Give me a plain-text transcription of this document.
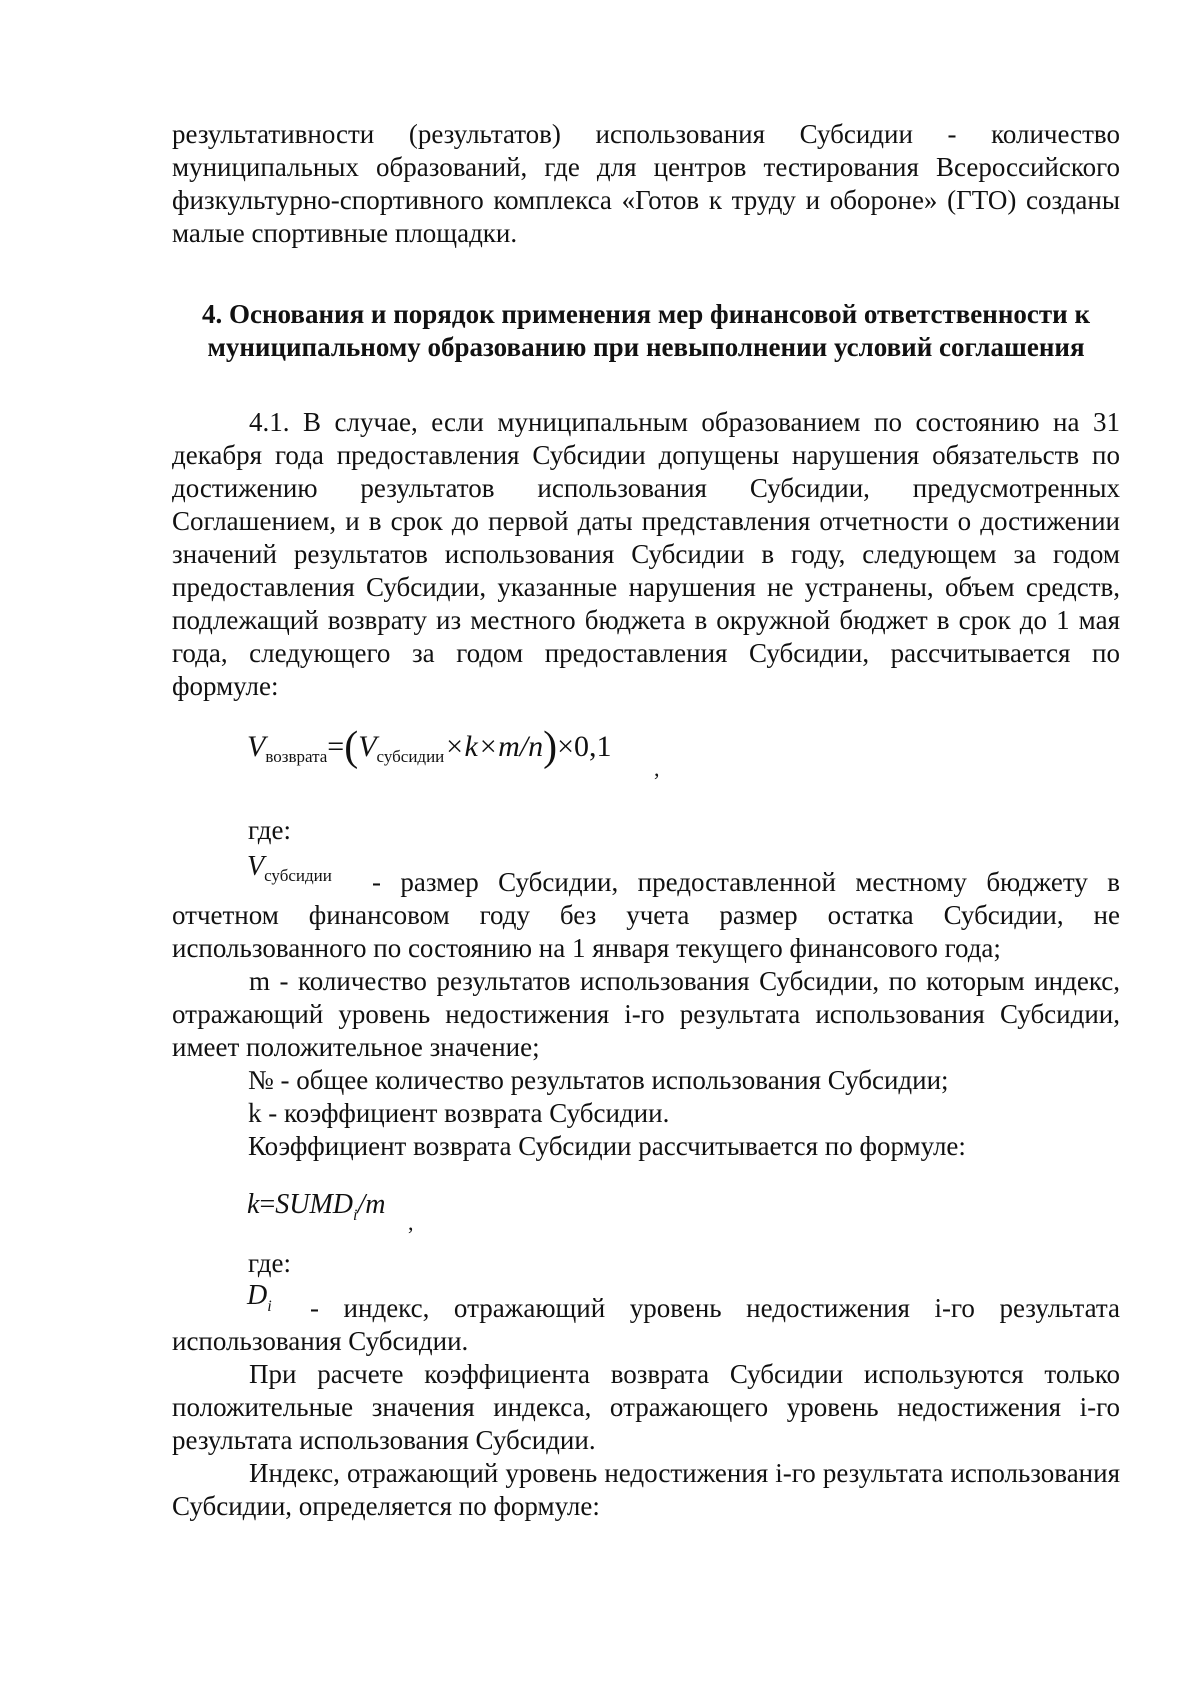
результативности (результатов) использования Субсидии - количество муниципальных образований, где для центров тестирования Всероссийского физкультурно-спортивного комплекса «Готов к труду и обороне» (ГТО) созданы малые спортивные площадки.
4. Основания и порядок применения мер финансовой ответственности к
муниципальному образованию при невыполнении условий соглашения
4.1. В случае, если муниципальным образованием по состоянию на 31 декабря года предоставления Субсидии допущены нарушения обязательств по достижению результатов использования Субсидии, предусмотренных Соглашением, и в срок до первой даты представления отчетности о достижении значений результатов использования Субсидии в году, следующем за годом предоставления Субсидии, указанные нарушения не устранены, объем средств, подлежащий возврату из местного бюджета в окружной бюджет в срок до 1 мая года, следующего за годом предоставления Субсидии, рассчитывается по формуле:
$V_{возврата}=(V_{субсидии}\times k\times m/n)\times 0,1$
,
где:
$V_{субсидии}$ - размер Субсидии, предоставленной местному бюджету в
отчетном финансовом году без учета размер остатка Субсидии, не использованного по состоянию на 1 января текущего финансового года;
m - количество результатов использования Субсидии, по которым индекс, отражающий уровень недостижения i-го результата использования Субсидии, имеет положительное значение;
№ - общее количество результатов использования Субсидии;
k - коэффициент возврата Субсидии.
Коэффициент возврата Субсидии рассчитывается по формуле:
$k=SUMD_i/m$
,
где:
$D_i$ - индекс, отражающий уровень недостижения i-го результата
использования Субсидии.
При расчете коэффициента возврата Субсидии используются только положительные значения индекса, отражающего уровень недостижения i-го результата использования Субсидии.
Индекс, отражающий уровень недостижения i-го результата использования Субсидии, определяется по формуле:
